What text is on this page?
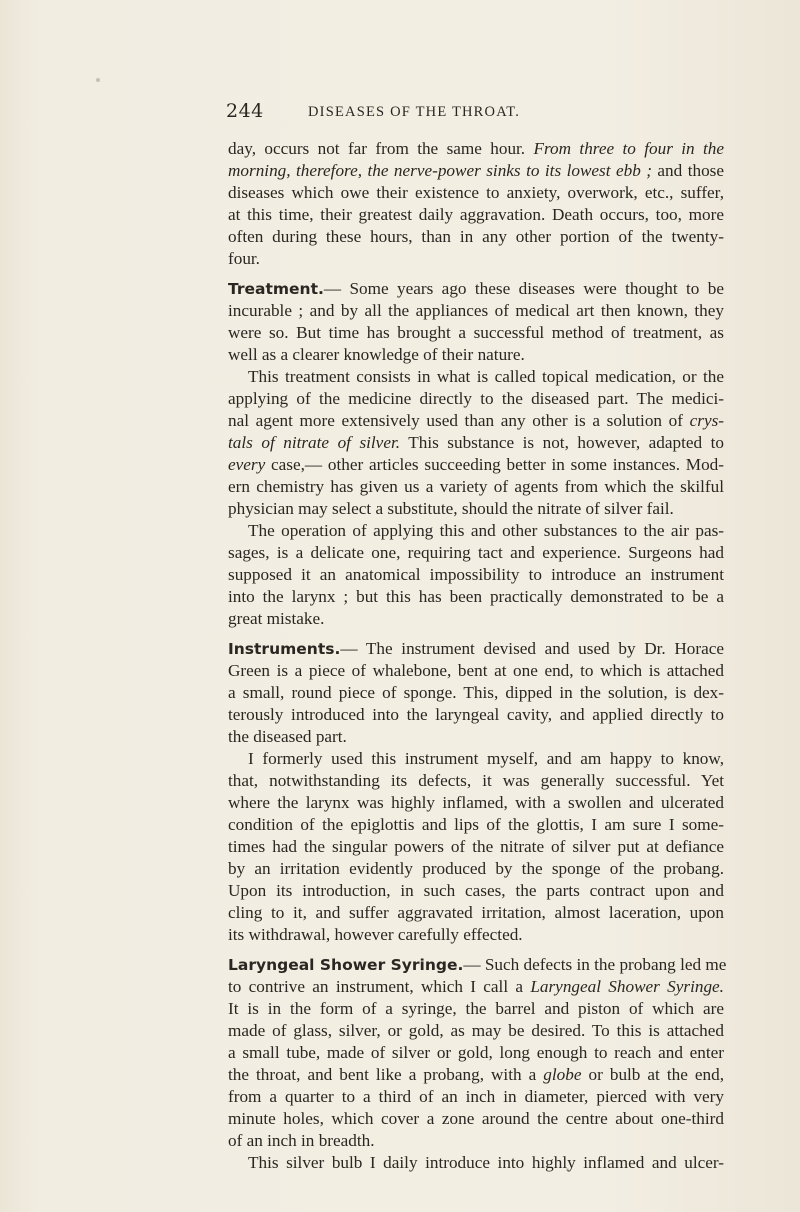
244	DISEASES OF THE THROAT.
day, occurs not far from the same hour. From three to four in the
morning, therefore, the nerve-power sinks to its lowest ebb ; and those
diseases which owe their existence to anxiety, overwork, etc., suffer,
at this time, their greatest daily aggravation. Death occurs, too, more
often during these hours, than in any other portion of the twenty-
four.
Treatment.— Some years ago these diseases were thought to be
incurable ; and by all the appliances of medical art then known, they
were so. But time has brought a successful method of treatment, as
well as a clearer knowledge of their nature.
This treatment consists in what is called topical medication, or the
applying of the medicine directly to the diseased part. The medici-
nal agent more extensively used than any other is a solution of crys-
tals of nitrate of silver. This substance is not, however, adapted to
every case,— other articles succeeding better in some instances. Mod-
ern chemistry has given us a variety of agents from which the skilful
physician may select a substitute, should the nitrate of silver fail.
The operation of applying this and other substances to the air pas-
sages, is a delicate one, requiring tact and experience. Surgeons had
supposed it an anatomical impossibility to introduce an instrument
into the larynx ; but this has been practically demonstrated to be a
great mistake.
Instruments.— The instrument devised and used by Dr. Horace
Green is a piece of whalebone, bent at one end, to which is attached
a small, round piece of sponge. This, dipped in the solution, is dex-
terously introduced into the laryngeal cavity, and applied directly to
the diseased part.
I formerly used this instrument myself, and am happy to know,
that, notwithstanding its defects, it was generally successful. Yet
where the larynx was highly inflamed, with a swollen and ulcerated
condition of the epiglottis and lips of the glottis, I am sure I some-
times had the singular powers of the nitrate of silver put at defiance
by an irritation evidently produced by the sponge of the probang.
Upon its introduction, in such cases, the parts contract upon and
cling to it, and suffer aggravated irritation, almost laceration, upon
its withdrawal, however carefully effected.
Laryngeal Shower Syringe.— Such defects in the probang led me
to contrive an instrument, which I call a Laryngeal Shower Syringe.
It is in the form of a syringe, the barrel and piston of which are
made of glass, silver, or gold, as may be desired. To this is attached
a small tube, made of silver or gold, long enough to reach and enter
the throat, and bent like a probang, with a globe or bulb at the end,
from a quarter to a third of an inch in diameter, pierced with very
minute holes, which cover a zone around the centre about one-third
of an inch in breadth.
This silver bulb I daily introduce into highly inflamed and ulcer-
